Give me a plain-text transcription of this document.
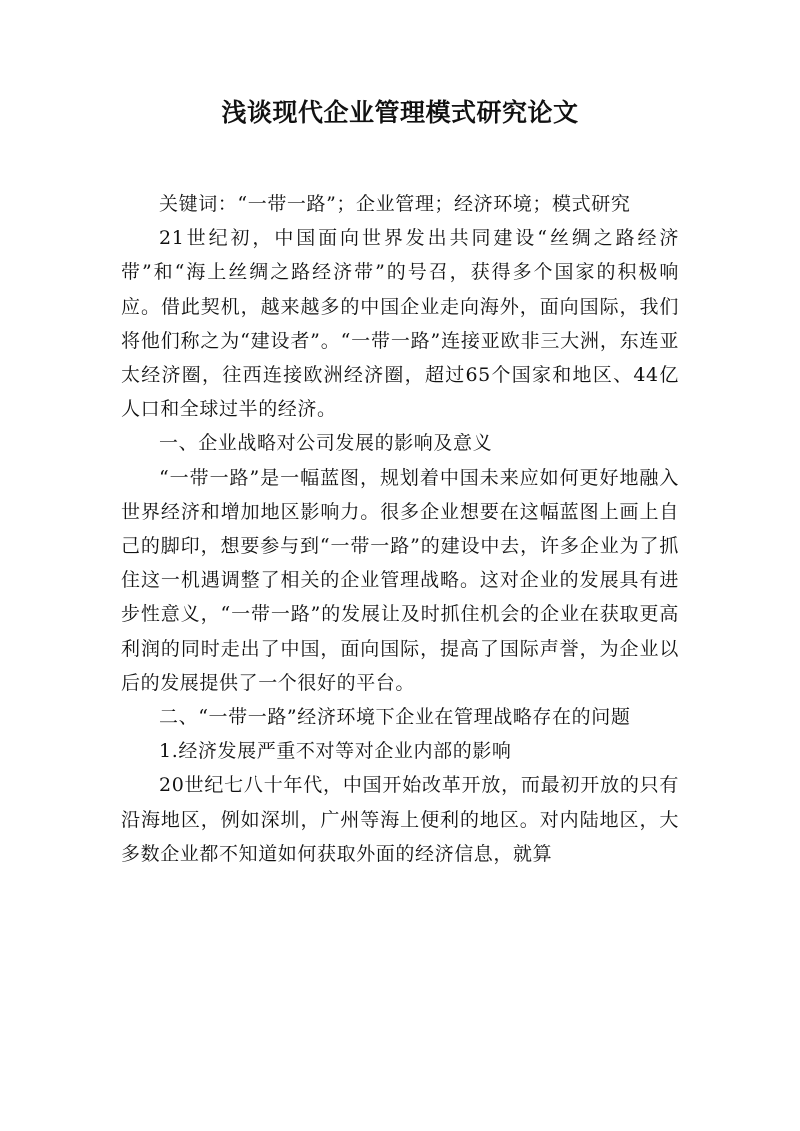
浅谈现代企业管理模式研究论文

关键词：“一带一路”；企业管理；经济环境；模式研究

21世纪初，中国面向世界发出共同建设“丝绸之路经济带”和“海上丝绸之路经济带”的号召，获得多个国家的积极响应。借此契机，越来越多的中国企业走向海外，面向国际，我们将他们称之为“建设者”。“一带一路”连接亚欧非三大洲，东连亚太经济圈，往西连接欧洲经济圈，超过65个国家和地区、44亿人口和全球过半的经济。

一、企业战略对公司发展的影响及意义

“一带一路”是一幅蓝图，规划着中国未来应如何更好地融入世界经济和增加地区影响力。很多企业想要在这幅蓝图上画上自己的脚印，想要参与到“一带一路”的建设中去，许多企业为了抓住这一机遇调整了相关的企业管理战略。这对企业的发展具有进步性意义，“一带一路”的发展让及时抓住机会的企业在获取更高利润的同时走出了中国，面向国际，提高了国际声誉，为企业以后的发展提供了一个很好的平台。

二、“一带一路”经济环境下企业在管理战略存在的问题

1.经济发展严重不对等对企业内部的影响

20世纪七八十年代，中国开始改革开放，而最初开放的只有沿海地区，例如深圳，广州等海上便利的地区。对内陆地区，大多数企业都不知道如何获取外面的经济信息，就算
